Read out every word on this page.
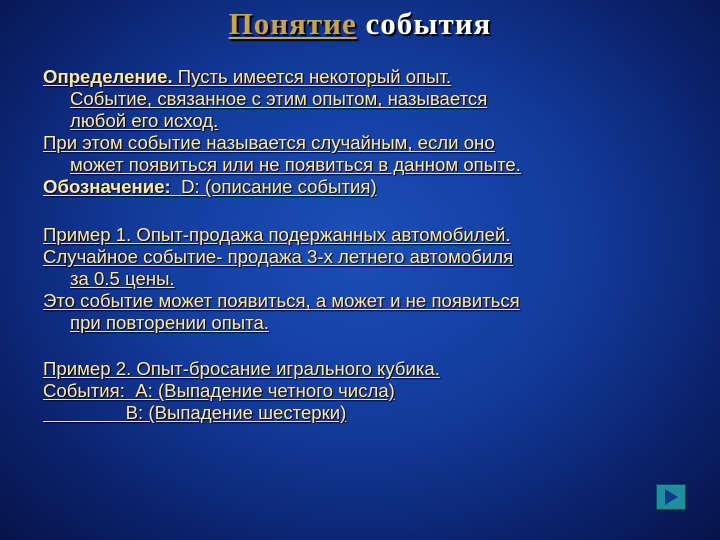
Понятие события
Определение. Пусть имеется некоторый опыт.
Событие, связанное с этим опытом, называется
любой его исход.
При этом событие называется случайным, если оно
может появиться или не появиться в данном опыте.
Обозначение:  D: (описание события)
Пример 1. Опыт-продажа подержанных автомобилей.
Случайное событие- продажа 3-х летнего автомобиля
за 0.5 цены.
Это событие может появиться, а может и не появиться
при повторении опыта.
Пример 2. Опыт-бросание игрального кубика.
События:  A: (Выпадение четного числа)
B: (Выпадение шестерки)
